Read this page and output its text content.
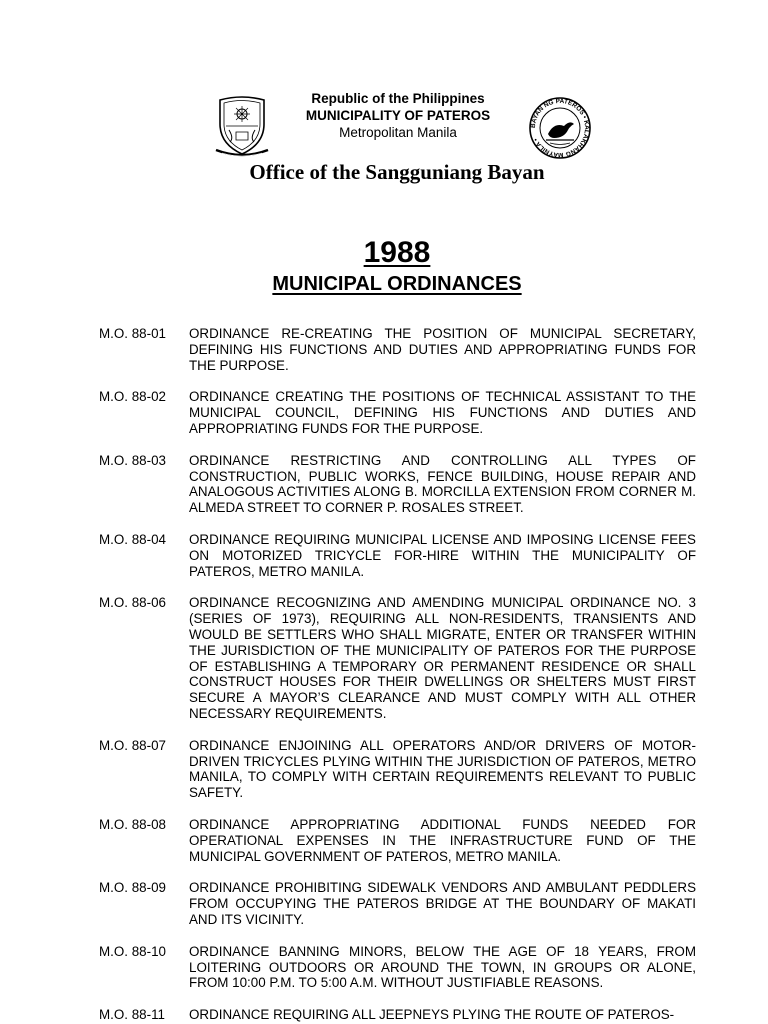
Republic of the Philippines
MUNICIPALITY OF PATEROS
Metropolitan Manila	BAYAN NG PATEROS • KALAKHANG MAYNILA •
Office of the Sangguniang Bayan
1988
MUNICIPAL ORDINANCES
M.O. 88-01	ORDINANCE RE-CREATING THE POSITION OF MUNICIPAL SECRETARY, DEFINING HIS FUNCTIONS AND DUTIES AND APPROPRIATING FUNDS FOR THE PURPOSE.
M.O. 88-02	ORDINANCE CREATING THE POSITIONS OF TECHNICAL ASSISTANT TO THE MUNICIPAL COUNCIL, DEFINING HIS FUNCTIONS AND DUTIES AND APPROPRIATING FUNDS FOR THE PURPOSE.
M.O. 88-03	ORDINANCE RESTRICTING AND CONTROLLING ALL TYPES OF CONSTRUCTION, PUBLIC WORKS, FENCE BUILDING, HOUSE REPAIR AND ANALOGOUS ACTIVITIES ALONG B. MORCILLA EXTENSION FROM CORNER M. ALMEDA STREET TO CORNER P. ROSALES STREET.
M.O. 88-04	ORDINANCE REQUIRING MUNICIPAL LICENSE AND IMPOSING LICENSE FEES ON MOTORIZED TRICYCLE FOR-HIRE WITHIN THE MUNICIPALITY OF PATEROS, METRO MANILA.
M.O. 88-06	ORDINANCE RECOGNIZING AND AMENDING MUNICIPAL ORDINANCE NO. 3 (SERIES OF 1973), REQUIRING ALL NON-RESIDENTS, TRANSIENTS AND WOULD BE SETTLERS WHO SHALL MIGRATE, ENTER OR TRANSFER WITHIN THE JURISDICTION OF THE MUNICIPALITY OF PATEROS FOR THE PURPOSE OF ESTABLISHING A TEMPORARY OR PERMANENT RESIDENCE OR SHALL CONSTRUCT HOUSES FOR THEIR DWELLINGS OR SHELTERS MUST FIRST SECURE A MAYOR’S CLEARANCE AND MUST COMPLY WITH ALL OTHER NECESSARY REQUIREMENTS.
M.O. 88-07	ORDINANCE ENJOINING ALL OPERATORS AND/OR DRIVERS OF MOTOR-DRIVEN TRICYCLES PLYING WITHIN THE JURISDICTION OF PATEROS, METRO MANILA, TO COMPLY WITH CERTAIN REQUIREMENTS RELEVANT TO PUBLIC SAFETY.
M.O. 88-08	ORDINANCE APPROPRIATING ADDITIONAL FUNDS NEEDED FOR OPERATIONAL EXPENSES IN THE INFRASTRUCTURE FUND OF THE MUNICIPAL GOVERNMENT OF PATEROS, METRO MANILA.
M.O. 88-09	ORDINANCE PROHIBITING SIDEWALK VENDORS AND AMBULANT PEDDLERS FROM OCCUPYING THE PATEROS BRIDGE AT THE BOUNDARY OF MAKATI AND ITS VICINITY.
M.O. 88-10	ORDINANCE BANNING MINORS, BELOW THE AGE OF 18 YEARS, FROM LOITERING OUTDOORS OR AROUND THE TOWN, IN GROUPS OR ALONE, FROM 10:00 P.M. TO 5:00 A.M. WITHOUT JUSTIFIABLE REASONS.
M.O. 88-11	ORDINANCE REQUIRING ALL JEEPNEYS PLYING THE ROUTE OF PATEROS-
